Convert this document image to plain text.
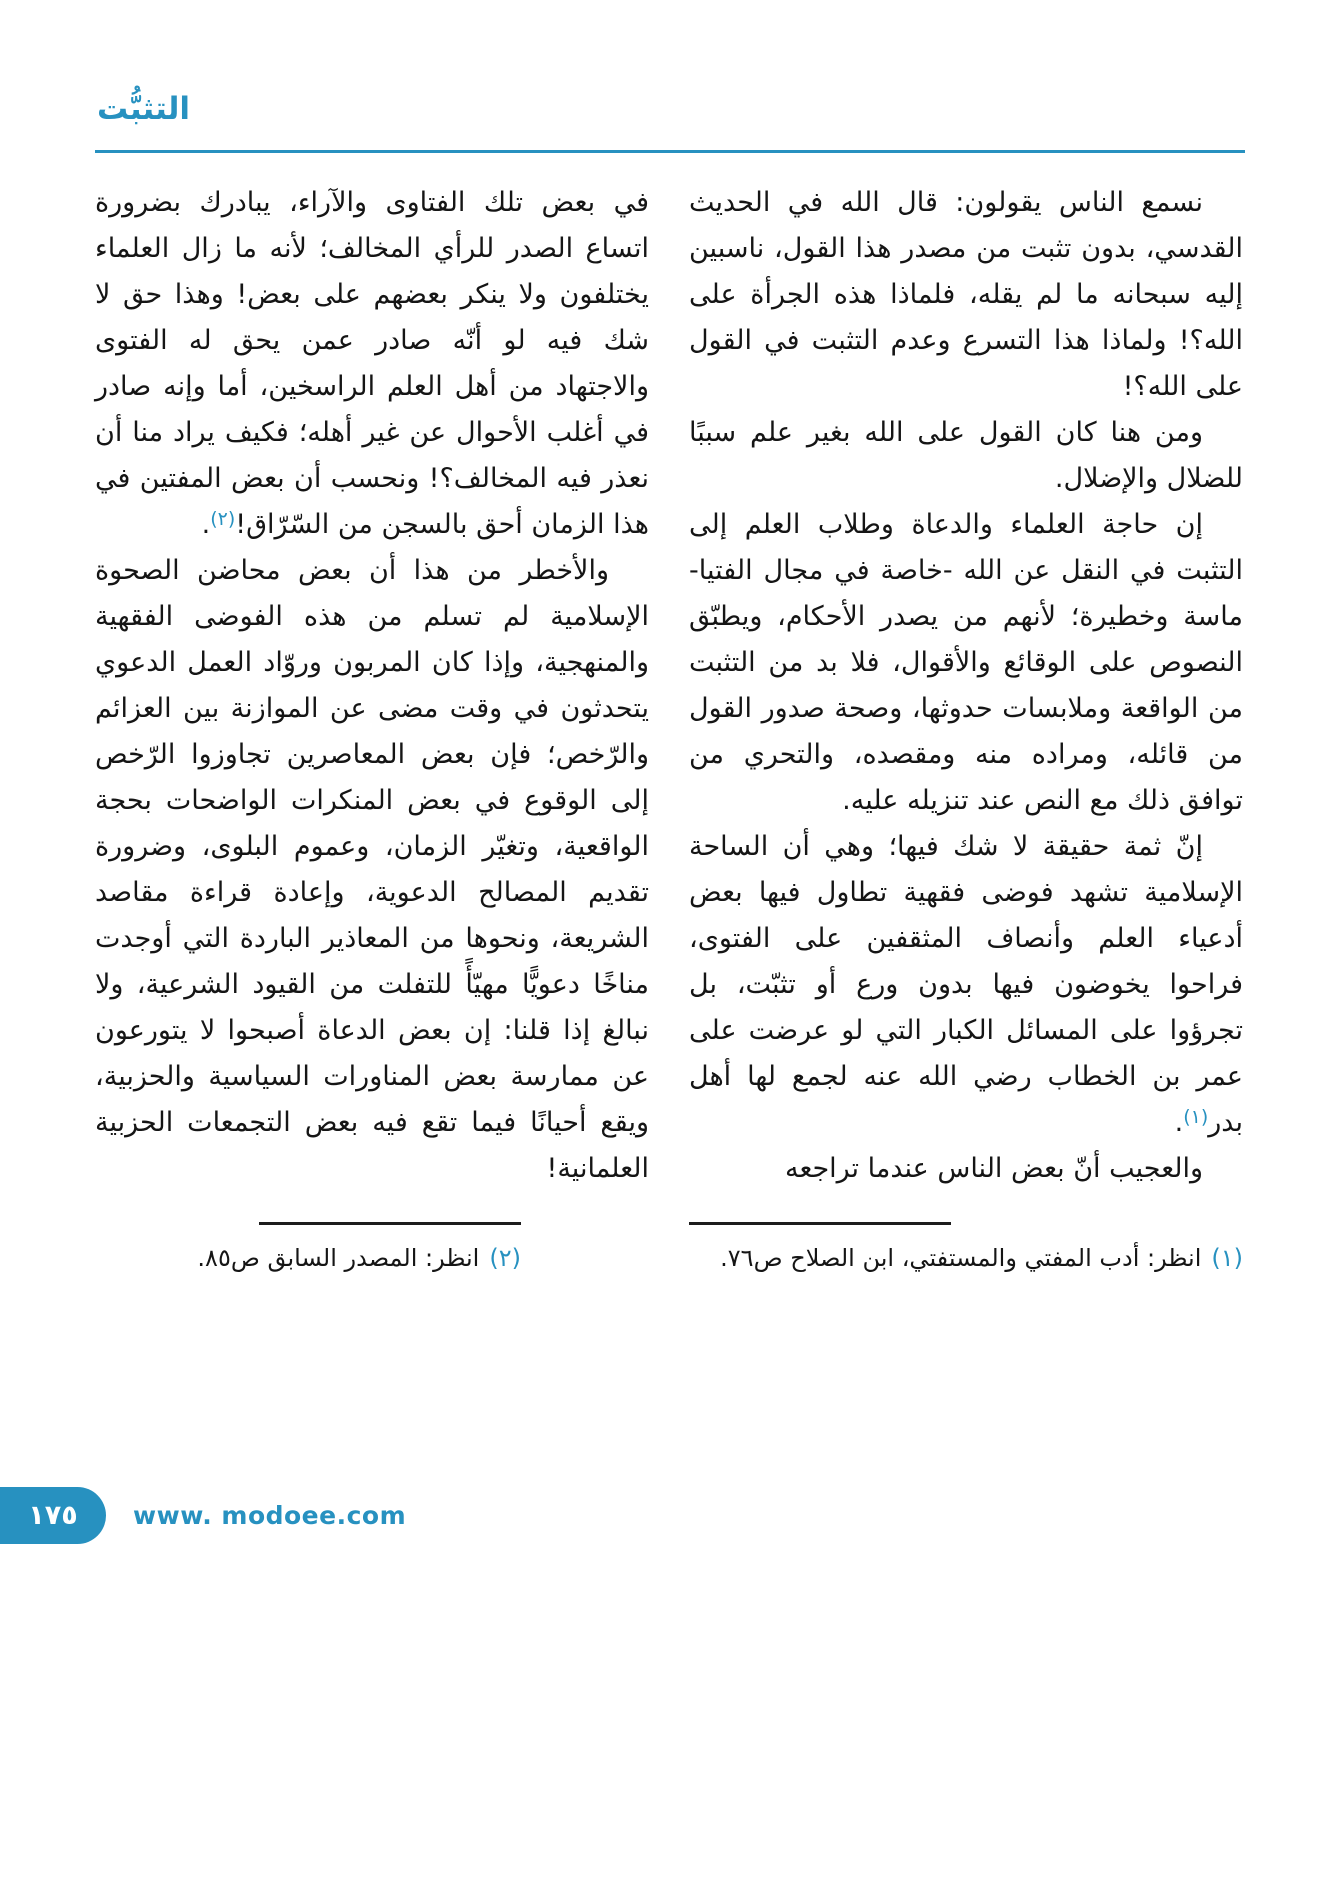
التثبُّت

نسمع الناس يقولون: قال الله في الحديث القدسي، بدون تثبت من مصدر هذا القول، ناسبين إليه سبحانه ما لم يقله، فلماذا هذه الجرأة على الله؟! ولماذا هذا التسرع وعدم التثبت في القول على الله؟!

ومن هنا كان القول على الله بغير علم سببًا للضلال والإضلال.

إن حاجة العلماء والدعاة وطلاب العلم إلى التثبت في النقل عن الله -خاصة في مجال الفتيا- ماسة وخطيرة؛ لأنهم من يصدر الأحكام، ويطبّق النصوص على الوقائع والأقوال، فلا بد من التثبت من الواقعة وملابسات حدوثها، وصحة صدور القول من قائله، ومراده منه ومقصده، والتحري من توافق ذلك مع النص عند تنزيله عليه.

إنّ ثمة حقيقة لا شك فيها؛ وهي أن الساحة الإسلامية تشهد فوضى فقهية تطاول فيها بعض أدعياء العلم وأنصاف المثقفين على الفتوى، فراحوا يخوضون فيها بدون ورع أو تثبّت، بل تجرؤوا على المسائل الكبار التي لو عرضت على عمر بن الخطاب رضي الله عنه لجمع لها أهل بدر$^{(١)}$.

والعجيب أنّ بعض الناس عندما تراجعه

(١)
انظر: أدب المفتي والمستفتي، ابن الصلاح ص٧٦.

في بعض تلك الفتاوى والآراء، يبادرك بضرورة اتساع الصدر للرأي المخالف؛ لأنه ما زال العلماء يختلفون ولا ينكر بعضهم على بعض! وهذا حق لا شك فيه لو أنّه صادر عمن يحق له الفتوى والاجتهاد من أهل العلم الراسخين، أما وإنه صادر في أغلب الأحوال عن غير أهله؛ فكيف يراد منا أن نعذر فيه المخالف؟! ونحسب أن بعض المفتين في هذا الزمان أحق بالسجن من السّرّاق!$^{(٢)}$.

والأخطر من هذا أن بعض محاضن الصحوة الإسلامية لم تسلم من هذه الفوضى الفقهية والمنهجية، وإذا كان المربون وروّاد العمل الدعوي يتحدثون في وقت مضى عن الموازنة بين العزائم والرّخص؛ فإن بعض المعاصرين تجاوزوا الرّخص إلى الوقوع في بعض المنكرات الواضحات بحجة الواقعية، وتغيّر الزمان، وعموم البلوى، وضرورة تقديم المصالح الدعوية، وإعادة قراءة مقاصد الشريعة، ونحوها من المعاذير الباردة التي أوجدت مناخًا دعويًّا مهيّأً للتفلت من القيود الشرعية، ولا نبالغ إذا قلنا: إن بعض الدعاة أصبحوا لا يتورعون عن ممارسة بعض المناورات السياسية والحزبية، ويقع أحيانًا فيما تقع فيه بعض التجمعات الحزبية العلمانية!

(٢)
انظر: المصدر السابق ص٨٥.
١٧٥ www. modoee.com
